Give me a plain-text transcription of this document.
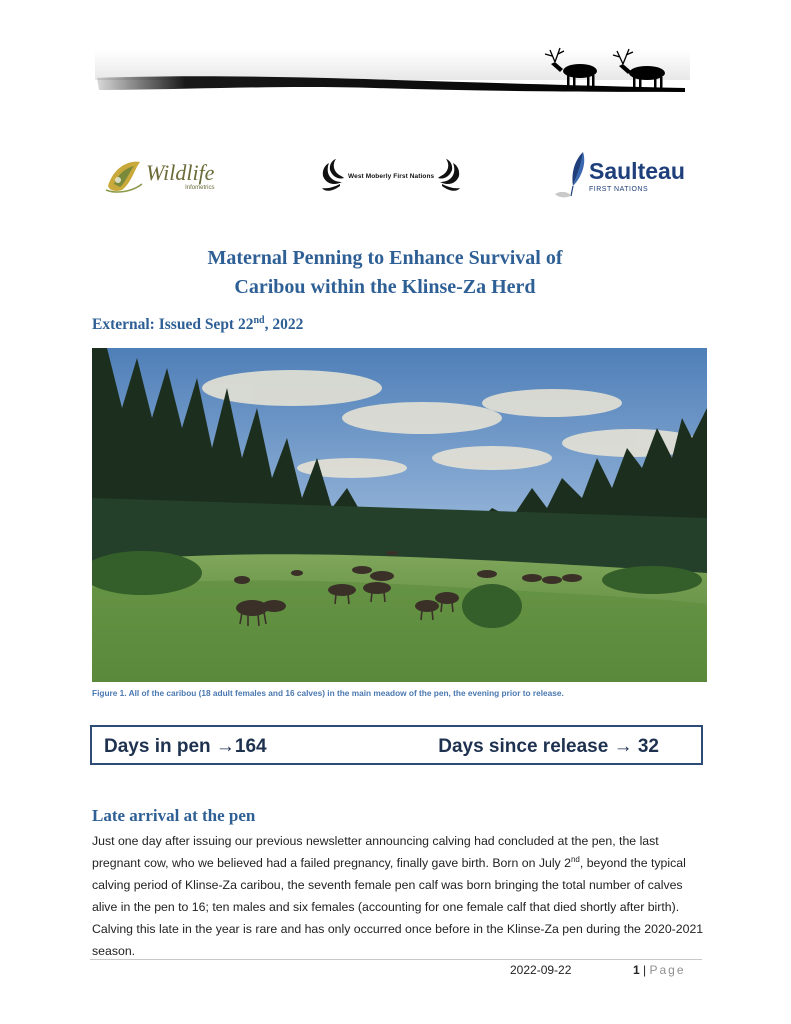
Wildlife
Infometrics
West Moberly First Nations	Saulteau
FIRST NATIONS
Maternal Penning to Enhance Survival of
Caribou within the Klinse-Za Herd
External: Issued Sept 22nd, 2022
Figure 1. All of the caribou (18 adult females and 16 calves) in the main meadow of the pen, the evening prior to release.
Days in pen →164	Days since release → 32
Late arrival at the pen
Just one day after issuing our previous newsletter announcing calving had concluded at the pen, the last pregnant cow, who we believed had a failed pregnancy, finally gave birth. Born on July 2nd, beyond the typical calving period of Klinse-Za caribou, the seventh female pen calf was born bringing the total number of calves alive in the pen to 16; ten males and six females (accounting for one female calf that died shortly after birth). Calving this late in the year is rare and has only occurred once before in the Klinse-Za pen during the 2020-2021 season.
2022-09-22	1 | Page
